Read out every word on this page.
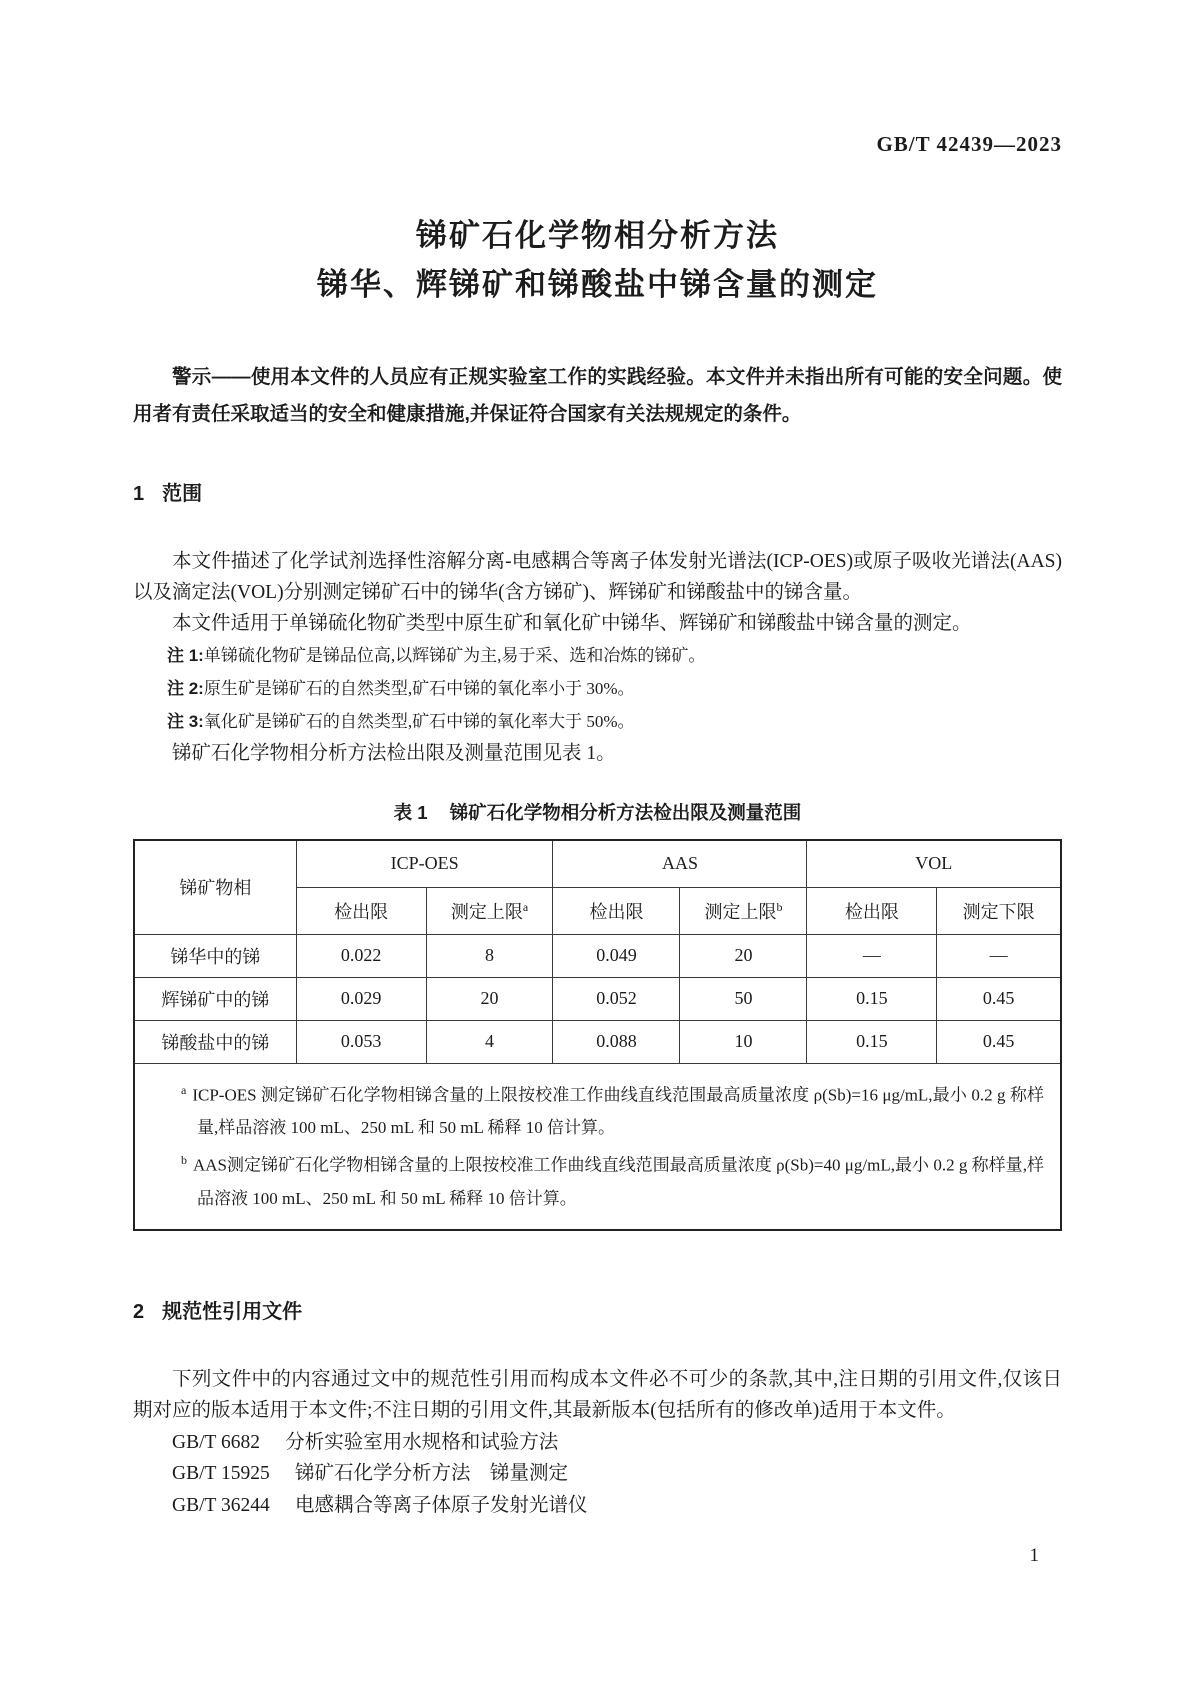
GB/T 42439—2023
锑矿石化学物相分析方法
锑华、辉锑矿和锑酸盐中锑含量的测定

警示——使用本文件的人员应有正规实验室工作的实践经验。本文件并未指出所有可能的安全问题。使用者有责任采取适当的安全和健康措施,并保证符合国家有关法规规定的条件。

1 范围

本文件描述了化学试剂选择性溶解分离-电感耦合等离子体发射光谱法(ICP-OES)或原子吸收光谱法(AAS)以及滴定法(VOL)分别测定锑矿石中的锑华(含方锑矿)、辉锑矿和锑酸盐中的锑含量。

本文件适用于单锑硫化物矿类型中原生矿和氧化矿中锑华、辉锑矿和锑酸盐中锑含量的测定。

注 1:单锑硫化物矿是锑品位高,以辉锑矿为主,易于采、选和冶炼的锑矿。

注 2:原生矿是锑矿石的自然类型,矿石中锑的氧化率小于 30%。

注 3:氧化矿是锑矿石的自然类型,矿石中锑的氧化率大于 50%。

锑矿石化学物相分析方法检出限及测量范围见表 1。

表 1 锑矿石化学物相分析方法检出限及测量范围
锑矿物相	ICP-OES		AAS		VOL	
	检出限	测定上限$^a$	检出限	测定上限$^b$	检出限	测定下限
锑华中的锑	0.022	8	0.049	20	—	—
辉锑矿中的锑	0.029	20	0.052	50	0.15	0.45
锑酸盐中的锑	0.053	4	0.088	10	0.15	0.45

$^a$ ICP-OES 测定锑矿石化学物相锑含量的上限按校准工作曲线直线范围最高质量浓度 ρ(Sb)=16 μg/mL,最小 0.2 g 称样量,样品溶液 100 mL、250 mL 和 50 mL 稀释 10 倍计算。

$^b$ AAS测定锑矿石化学物相锑含量的上限按校准工作曲线直线范围最高质量浓度 ρ(Sb)=40 μg/mL,最小 0.2 g 称样量,样品溶液 100 mL、250 mL 和 50 mL 稀释 10 倍计算。						

2 规范性引用文件

下列文件中的内容通过文中的规范性引用而构成本文件必不可少的条款,其中,注日期的引用文件,仅该日期对应的版本适用于本文件;不注日期的引用文件,其最新版本(包括所有的修改单)适用于本文件。

GB/T 6682 分析实验室用水规格和试验方法
GB/T 15925 锑矿石化学分析方法　锑量测定
GB/T 36244 电感耦合等离子体原子发射光谱仪
1
